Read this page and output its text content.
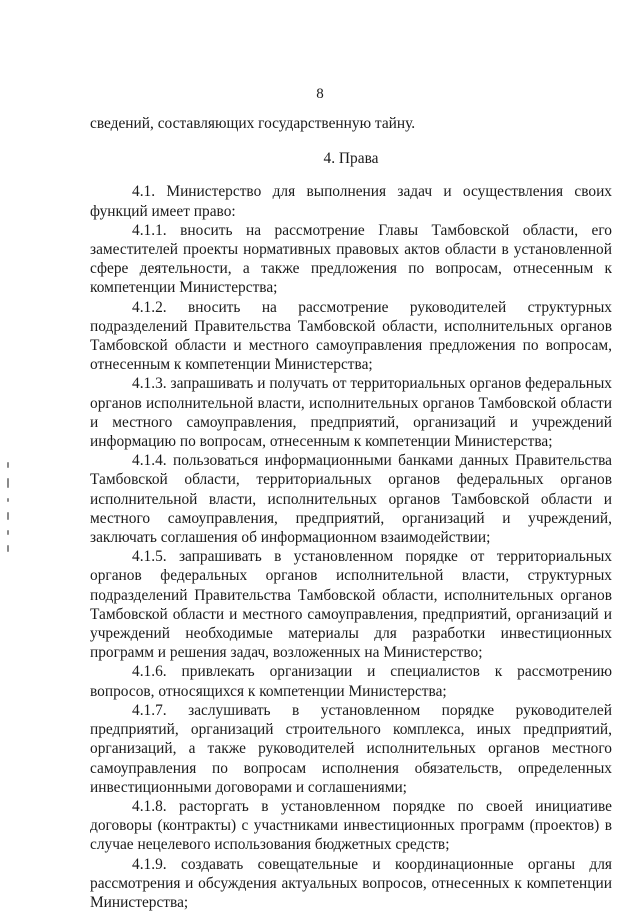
8

сведений, составляющих государственную тайну.

4. Права

4.1. Министерство для выполнения задач и осуществления своих функций имеет право:

4.1.1. вносить на рассмотрение Главы Тамбовской области, его заместителей проекты нормативных правовых актов области в установленной сфере деятельности, а также предложения по вопросам, отнесенным к компетенции Министерства;

4.1.2. вносить на рассмотрение руководителей структурных подразделений Правительства Тамбовской области, исполнительных органов Тамбовской области и местного самоуправления предложения по вопросам, отнесенным к компетенции Министерства;

4.1.3. запрашивать и получать от территориальных органов федеральных органов исполнительной власти, исполнительных органов Тамбовской области и местного самоуправления, предприятий, организаций и учреждений информацию по вопросам, отнесенным к компетенции Министерства;

4.1.4. пользоваться информационными банками данных Правительства Тамбовской области, территориальных органов федеральных органов исполнительной власти, исполнительных органов Тамбовской области и местного самоуправления, предприятий, организаций и учреждений, заключать соглашения об информационном взаимодействии;

4.1.5. запрашивать в установленном порядке от территориальных органов федеральных органов исполнительной власти, структурных подразделений Правительства Тамбовской области, исполнительных органов Тамбовской области и местного самоуправления, предприятий, организаций и учреждений необходимые материалы для разработки инвестиционных программ и решения задач, возложенных на Министерство;

4.1.6. привлекать организации и специалистов к рассмотрению вопросов, относящихся к компетенции Министерства;

4.1.7. заслушивать в установленном порядке руководителей предприятий, организаций строительного комплекса, иных предприятий, организаций, а также руководителей исполнительных органов местного самоуправления по вопросам исполнения обязательств, определенных инвестиционными договорами и соглашениями;

4.1.8. расторгать в установленном порядке по своей инициативе договоры (контракты) с участниками инвестиционных программ (проектов) в случае нецелевого использования бюджетных средств;

4.1.9. создавать совещательные и координационные органы для рассмотрения и обсуждения актуальных вопросов, отнесенных к компетенции Министерства;
